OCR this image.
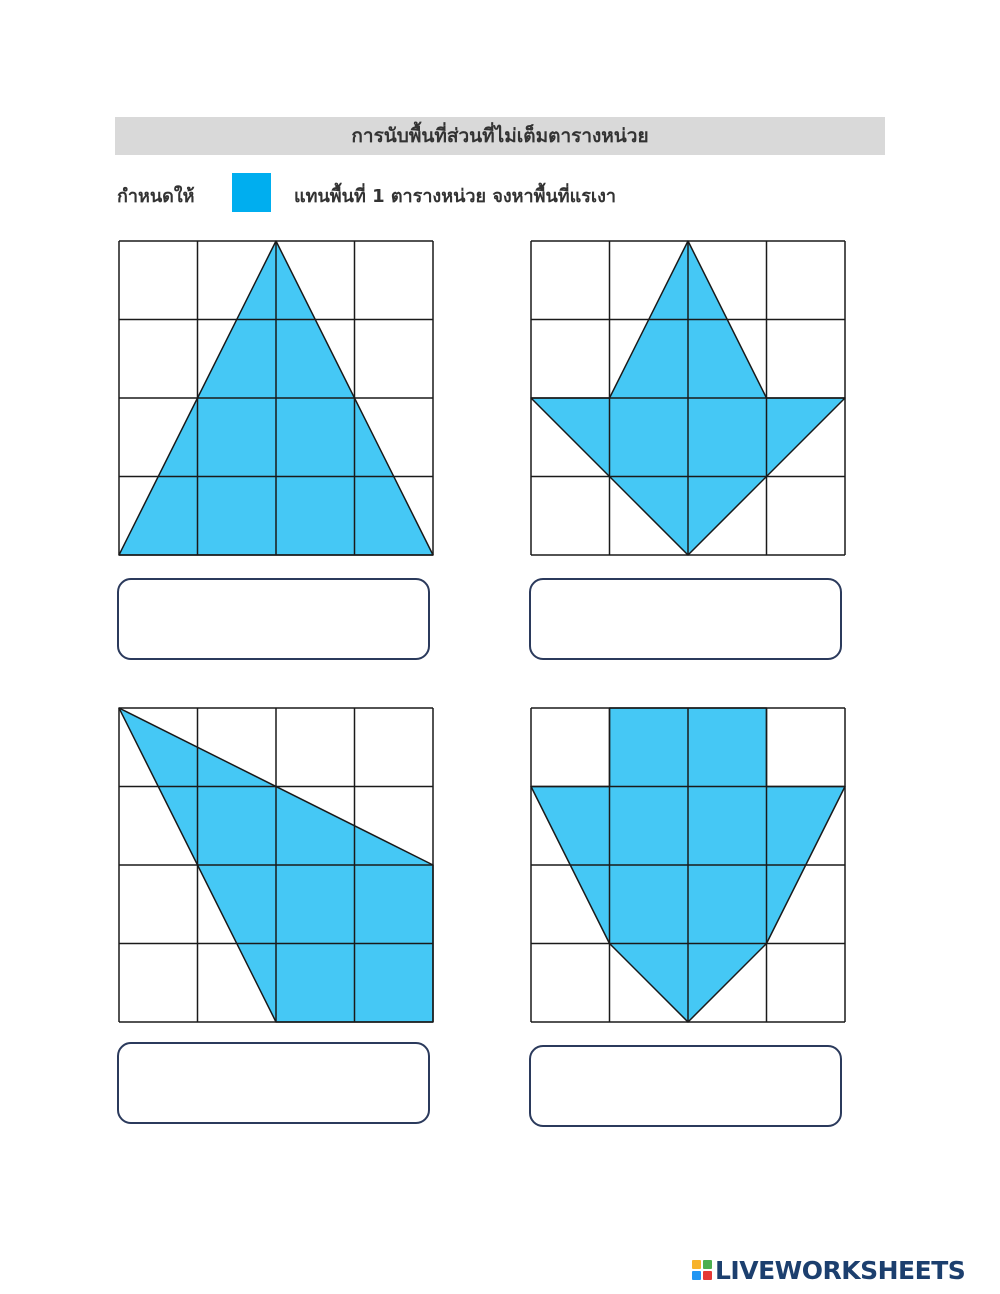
การนับพื้นที่ส่วนที่ไม่เต็มตารางหน่วย
กำหนดให้	แทนพื้นที่ 1 ตารางหน่วย จงหาพื้นที่แรเงา
LIVEWORKSHEETS
